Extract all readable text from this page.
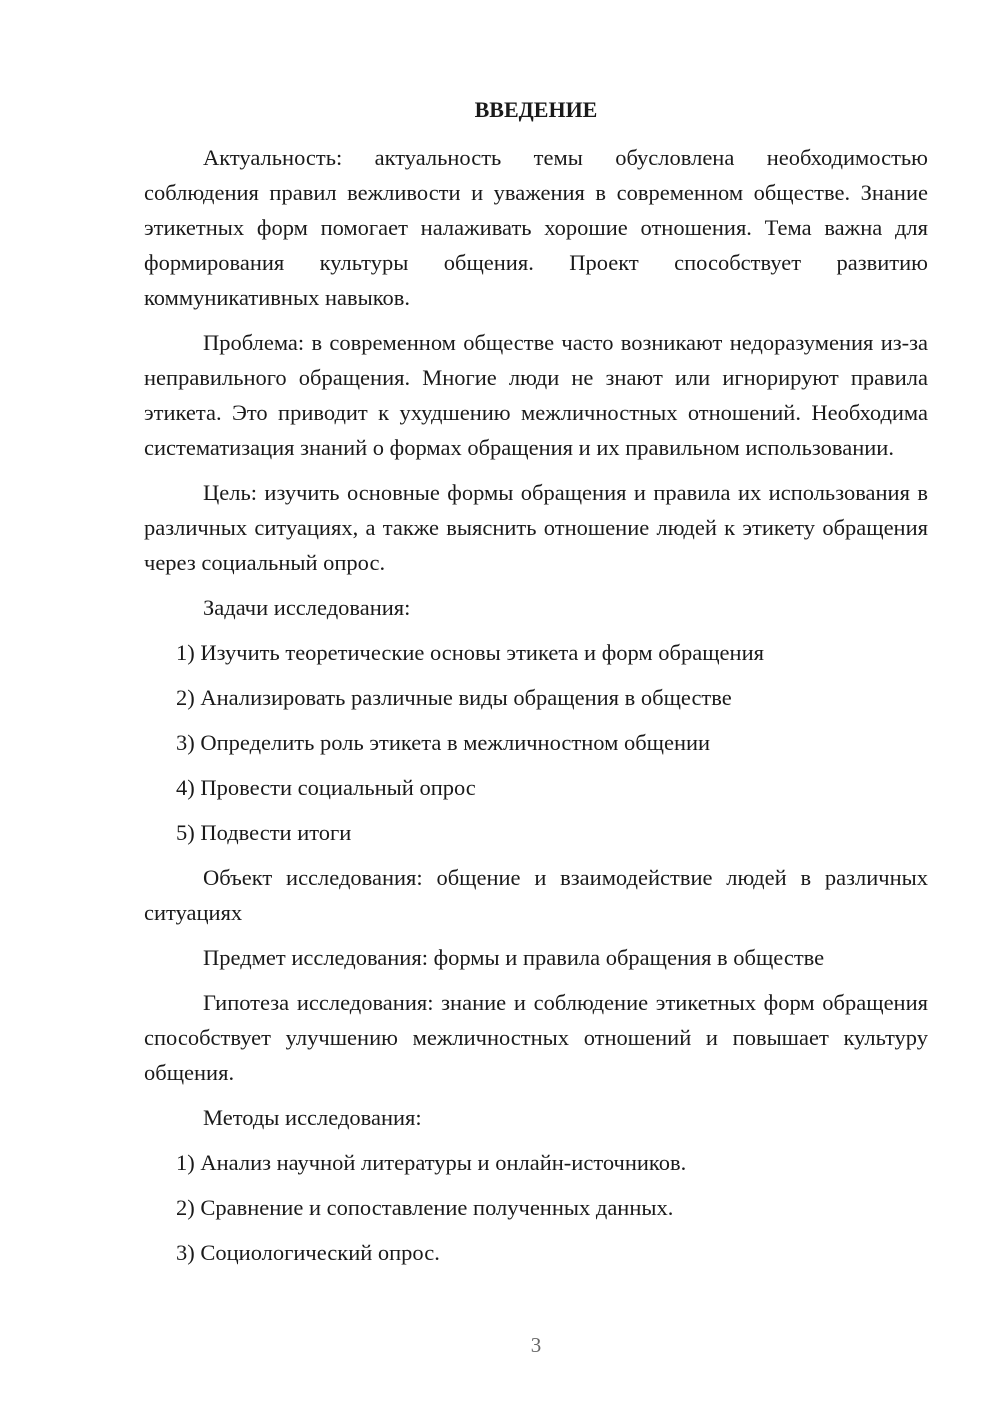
ВВЕДЕНИЕ

Актуальность: актуальность темы обусловлена необходимостью соблюдения правил вежливости и уважения в современном обществе. Знание этикетных форм помогает налаживать хорошие отношения. Тема важна для формирования культуры общения. Проект способствует развитию коммуникативных навыков.

Проблема: в современном обществе часто возникают недоразумения из-за неправильного обращения. Многие люди не знают или игнорируют правила этикета. Это приводит к ухудшению межличностных отношений. Необходима систематизация знаний о формах обращения и их правильном использовании.

Цель: изучить основные формы обращения и правила их использования в различных ситуациях, а также выяснить отношение людей к этикету обращения через социальный опрос.

Задачи исследования:

1) Изучить теоретические основы этикета и форм обращения
2) Анализировать различные виды обращения в обществе
3) Определить роль этикета в межличностном общении
4) Провести социальный опрос
5) Подвести итоги

Объект исследования: общение и взаимодействие людей в различных ситуациях

Предмет исследования: формы и правила обращения в обществе

Гипотеза исследования: знание и соблюдение этикетных форм обращения способствует улучшению межличностных отношений и повышает культуру общения.

Методы исследования:

1) Анализ научной литературы и онлайн-источников.
2) Сравнение и сопоставление полученных данных.
3) Социологический опрос.
3
